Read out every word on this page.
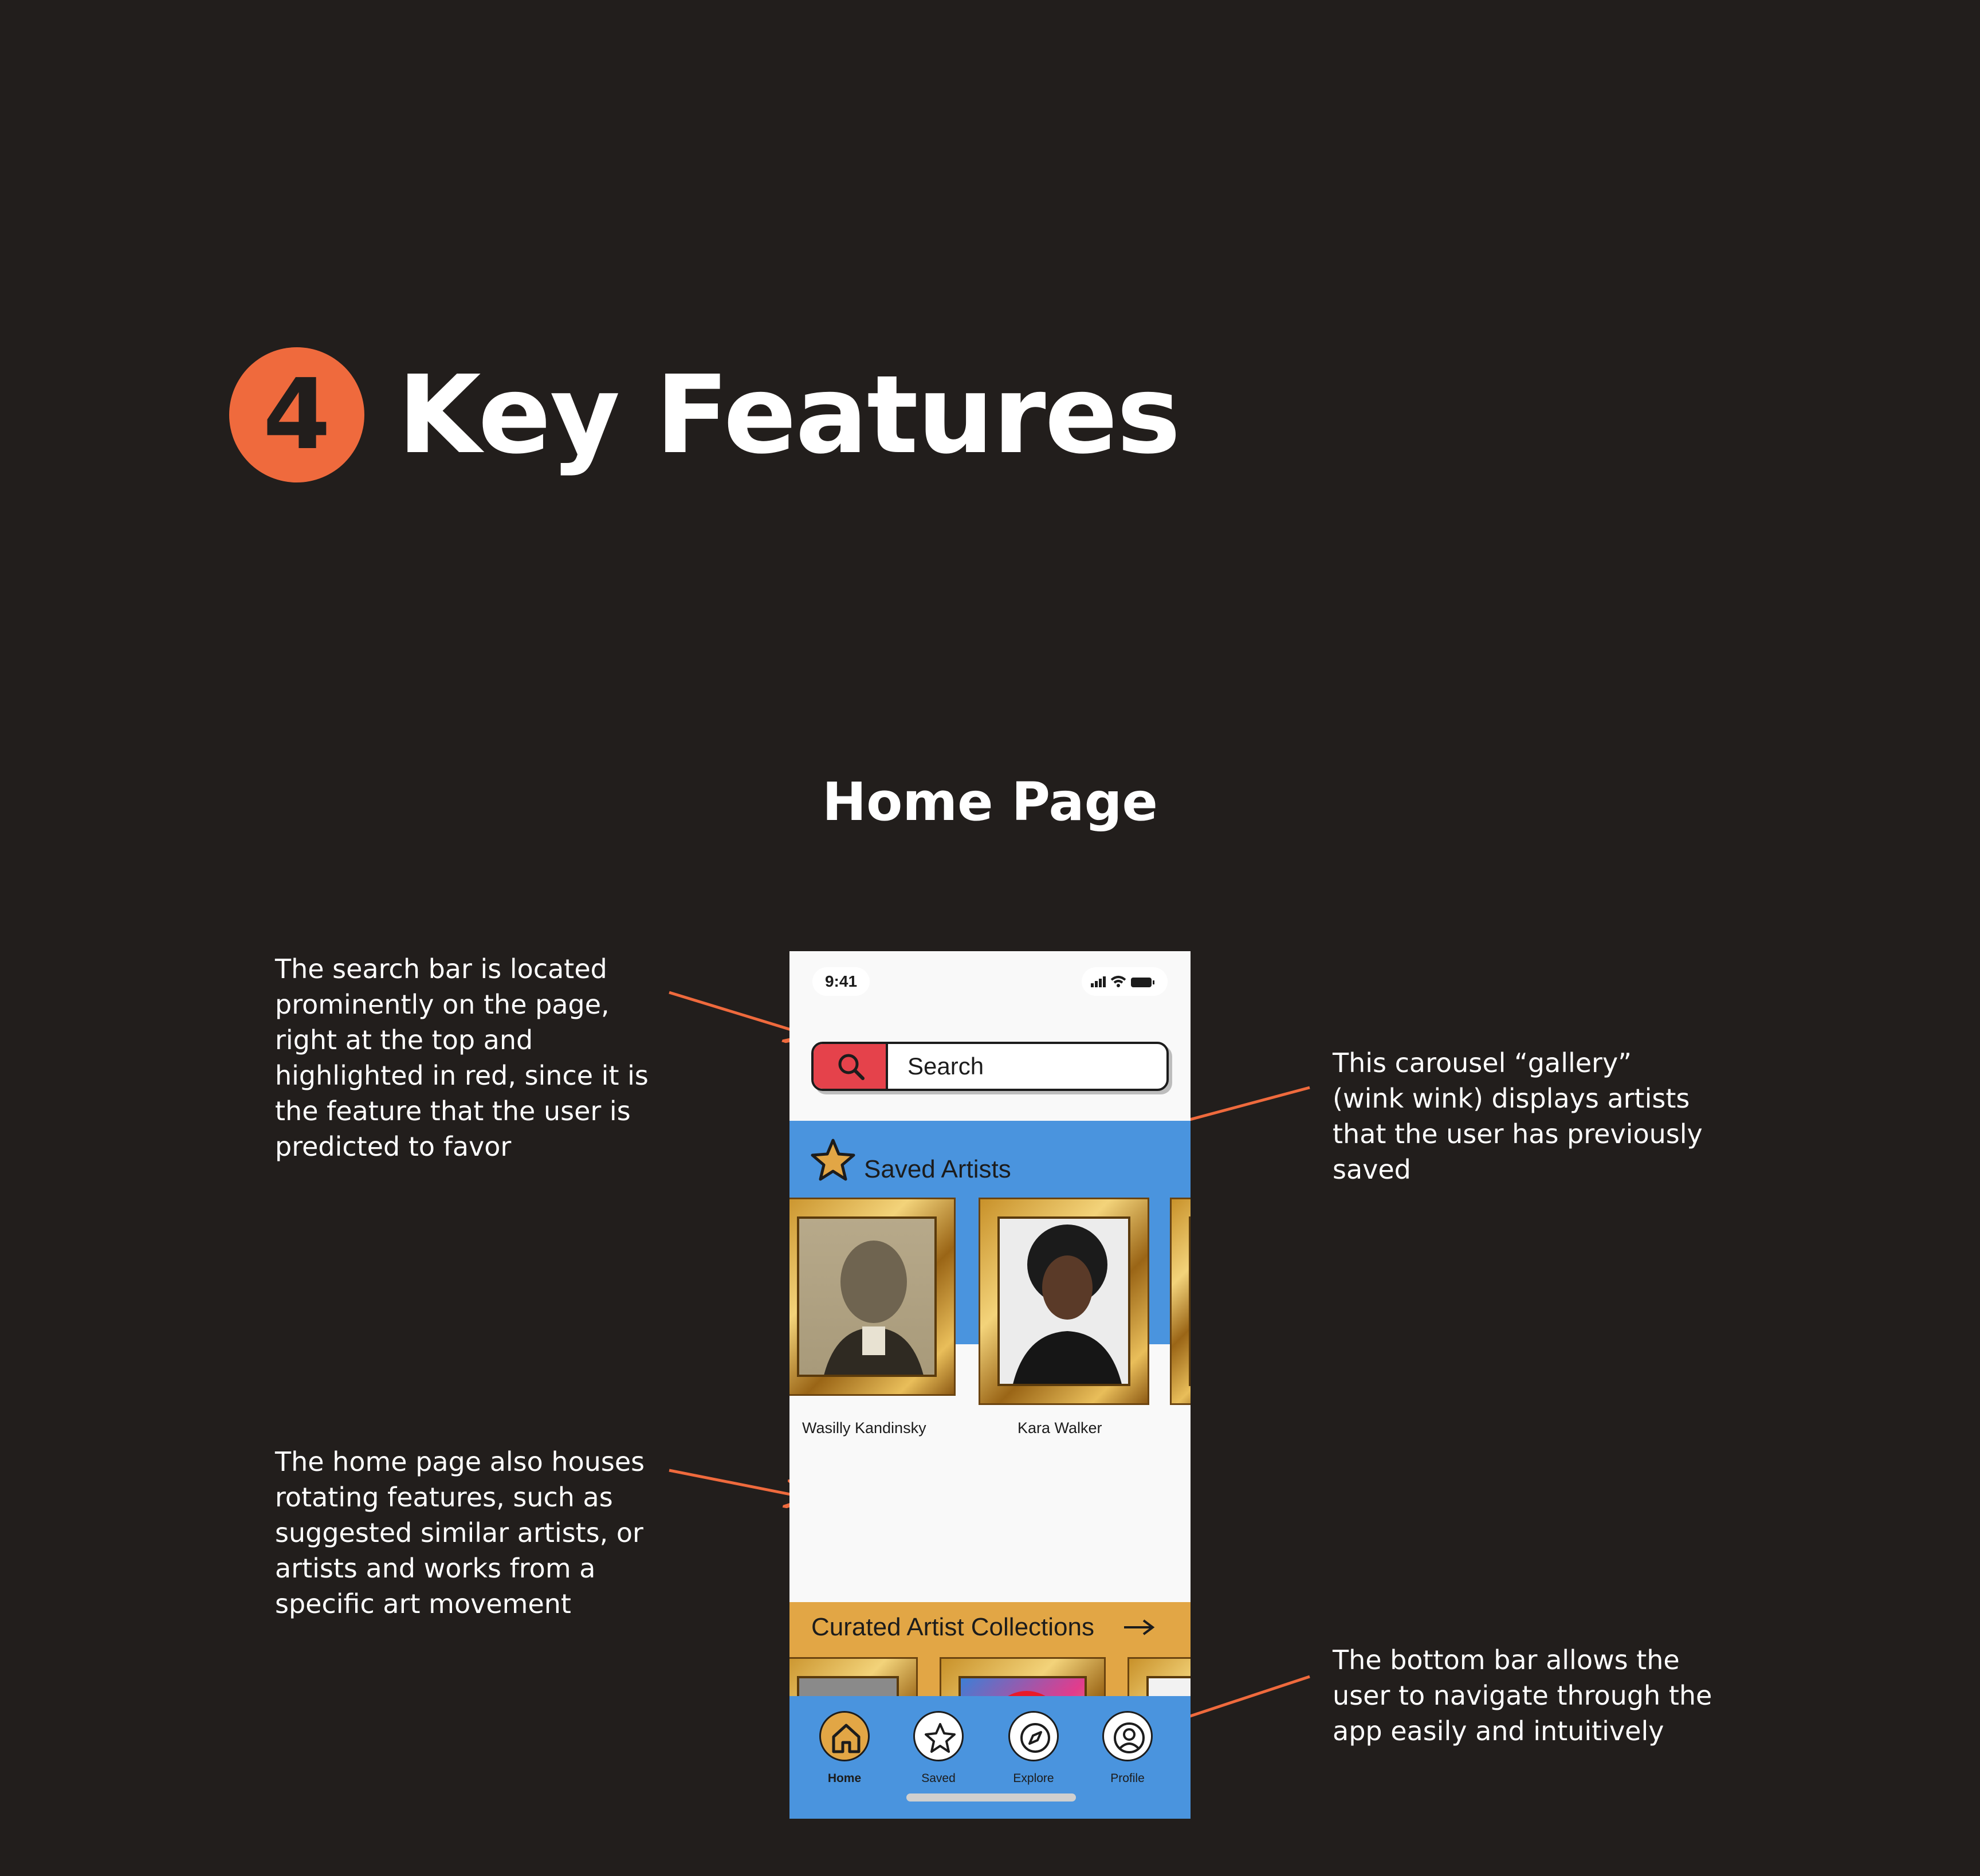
4 Key Features
Home Page
The search bar is located prominently on the page, right at the top and highlighted in red, since it is the feature that the user is predicted to favor
This carousel “gallery” (wink wink) displays artists that the user has previously saved
The home page also houses rotating features, such as suggested similar artists, or artists and works from a specific art movement
The bottom bar allows the user to navigate through the app easily and intuitively
9:41
Search
Saved Artists
Wasilly Kandinsky	Kara Walker
Curated Artist Collections
Home	Saved	Explore	Profile
